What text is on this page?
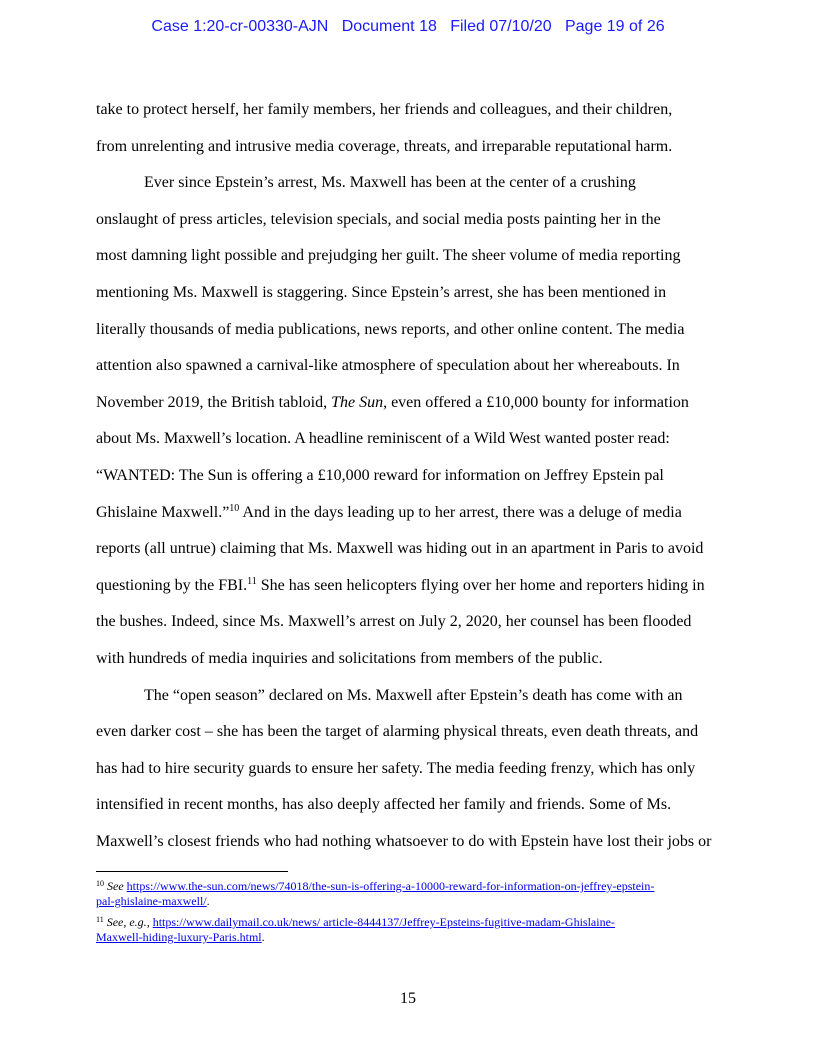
Case 1:20-cr-00330-AJN Document 18 Filed 07/10/20 Page 19 of 26
take to protect herself, her family members, her friends and colleagues, and their children,
from unrelenting and intrusive media coverage, threats, and irreparable reputational harm.
Ever since Epstein’s arrest, Ms. Maxwell has been at the center of a crushing
onslaught of press articles, television specials, and social media posts painting her in the
most damning light possible and prejudging her guilt. The sheer volume of media reporting
mentioning Ms. Maxwell is staggering. Since Epstein’s arrest, she has been mentioned in
literally thousands of media publications, news reports, and other online content. The media
attention also spawned a carnival-like atmosphere of speculation about her whereabouts. In
November 2019, the British tabloid, The Sun, even offered a £10,000 bounty for information
about Ms. Maxwell’s location. A headline reminiscent of a Wild West wanted poster read:
“WANTED: The Sun is offering a £10,000 reward for information on Jeffrey Epstein pal
Ghislaine Maxwell.”$^{10}$ And in the days leading up to her arrest, there was a deluge of media
reports (all untrue) claiming that Ms. Maxwell was hiding out in an apartment in Paris to avoid
questioning by the FBI.$^{11}$ She has seen helicopters flying over her home and reporters hiding in
the bushes. Indeed, since Ms. Maxwell’s arrest on July 2, 2020, her counsel has been flooded
with hundreds of media inquiries and solicitations from members of the public.
The “open season” declared on Ms. Maxwell after Epstein’s death has come with an
even darker cost – she has been the target of alarming physical threats, even death threats, and
has had to hire security guards to ensure her safety. The media feeding frenzy, which has only
intensified in recent months, has also deeply affected her family and friends. Some of Ms.
Maxwell’s closest friends who had nothing whatsoever to do with Epstein have lost their jobs or
$^{10}$ See https://www.the-sun.com/news/74018/the-sun-is-offering-a-10000-reward-for-information-on-jeffrey-epstein-
pal-ghislaine-maxwell/.
$^{11}$ See, e.g., https://www.dailymail.co.uk/news/ article-8444137/Jeffrey-Epsteins-fugitive-madam-Ghislaine-
Maxwell-hiding-luxury-Paris.html.
15
